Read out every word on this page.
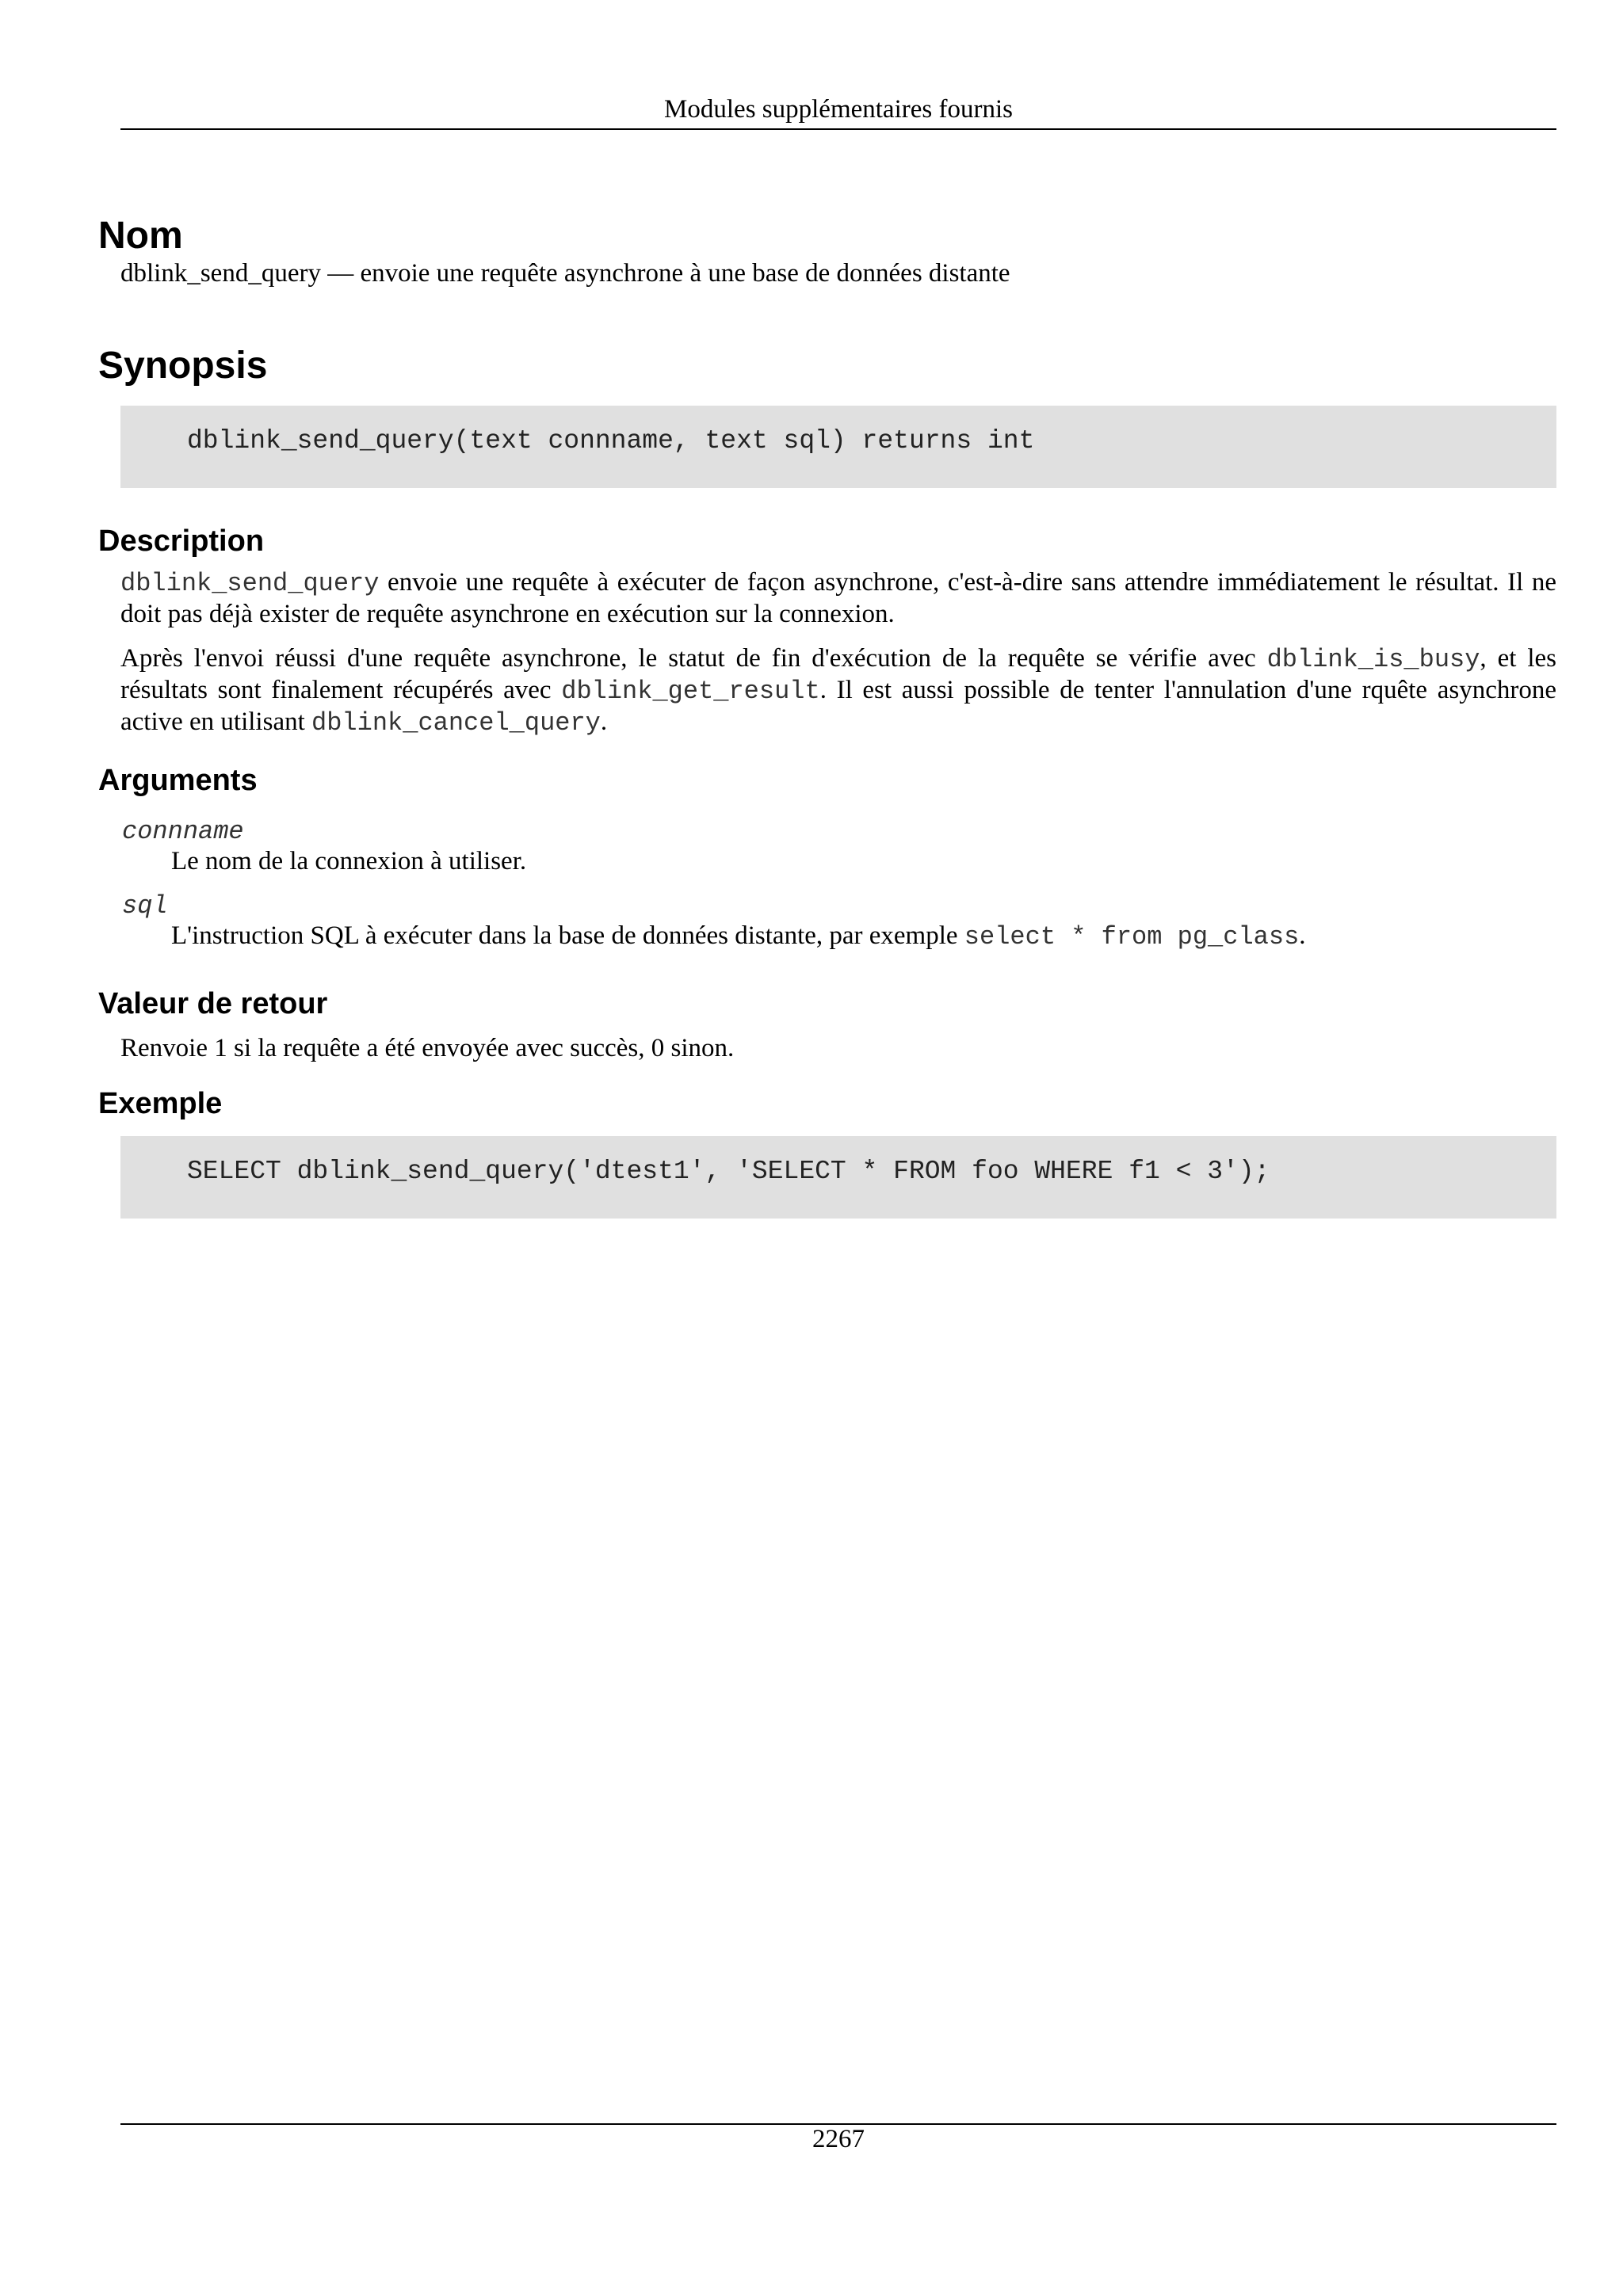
Modules supplémentaires fournis
Nom

dblink_send_query — envoie une requête asynchrone à une base de données distante

Synopsis
dblink_send_query(text connname, text sql) returns int
Description

dblink_send_query envoie une requête à exécuter de façon asynchrone, c'est-à-dire sans attendre immédiatement le résultat. Il ne doit pas déjà exister de requête asynchrone en exécution sur la connexion.

Après l'envoi réussi d'une requête asynchrone, le statut de fin d'exécution de la requête se vérifie avec dblink_is_busy, et les résultats sont finalement récupérés avec dblink_get_result. Il est aussi possible de tenter l'annulation d'une rquête asynchrone active en utilisant dblink_cancel_query.

Arguments

connname

Le nom de la connexion à utiliser.

sql

L'instruction SQL à exécuter dans la base de données distante, par exemple select * from pg_class.

Valeur de retour

Renvoie 1 si la requête a été envoyée avec succès, 0 sinon.

Exemple
SELECT dblink_send_query('dtest1', 'SELECT * FROM foo WHERE f1 < 3');
2267
